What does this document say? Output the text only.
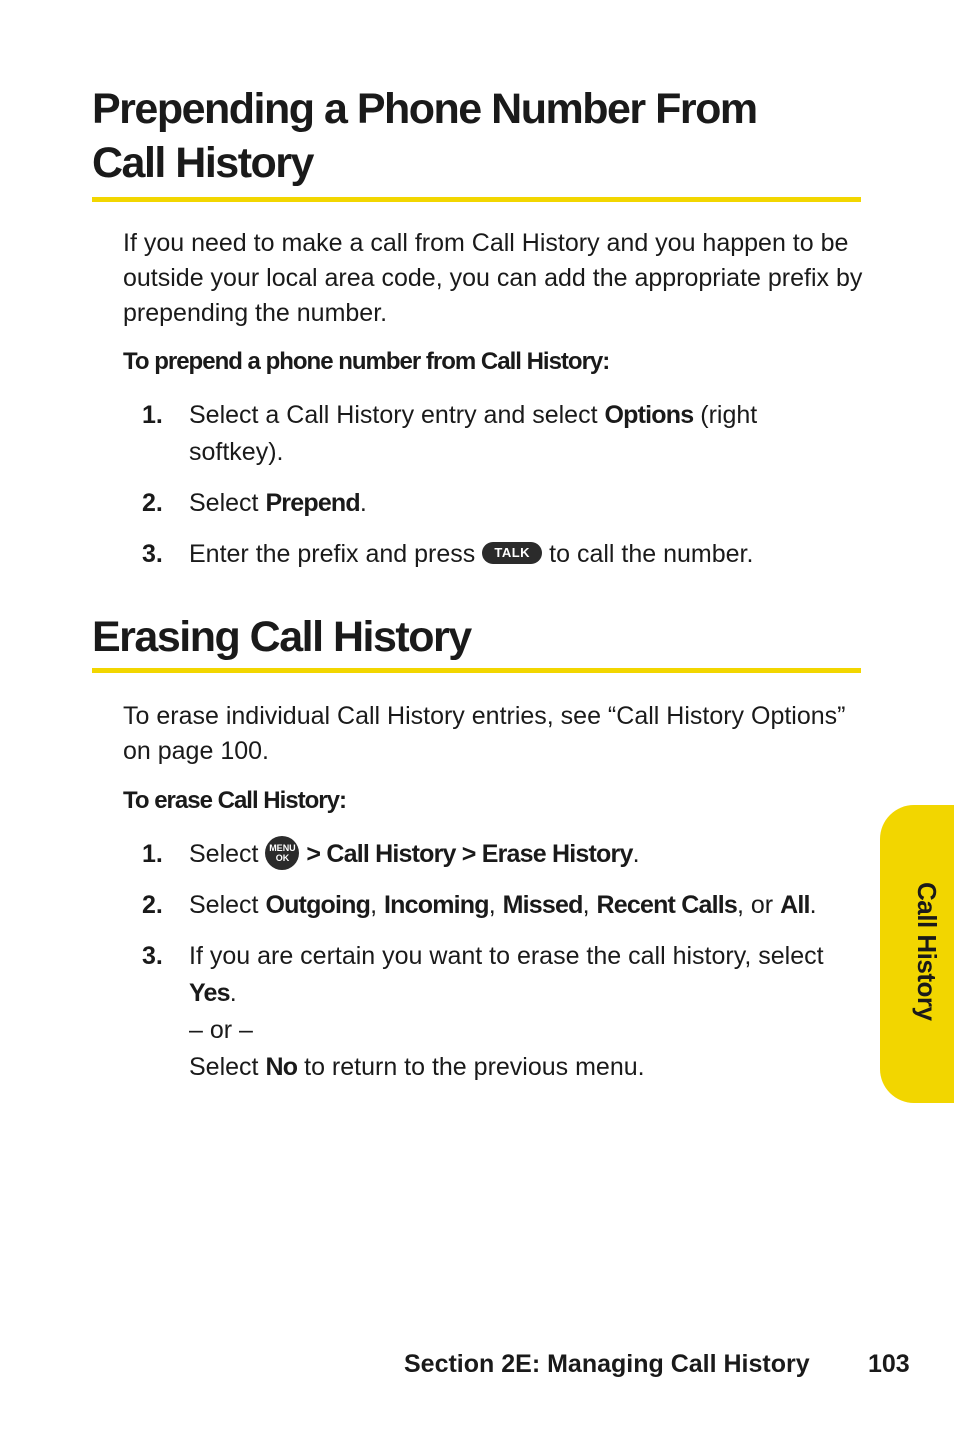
Prepending a Phone Number From
Call History

If you need to make a call from Call History and you happen to be outside your local area code, you can add the appropriate prefix by prepending the number.

To prepend a phone number from Call History:

1. Select a Call History entry and select Options (right softkey).
2. Select Prepend.
3. Enter the prefix and press TALK to call the number.
Erasing Call History

To erase individual Call History entries, see “Call History Options” on page 100.

To erase Call History:

1. Select MENU
OK > Call History > Erase History.
2. Select Outgoing, Incoming, Missed, Recent Calls, or All.
3. If you are certain you want to erase the call history, select Yes.
– or –
Select No to return to the previous menu.
Call History
Section 2E: Managing Call History 103
